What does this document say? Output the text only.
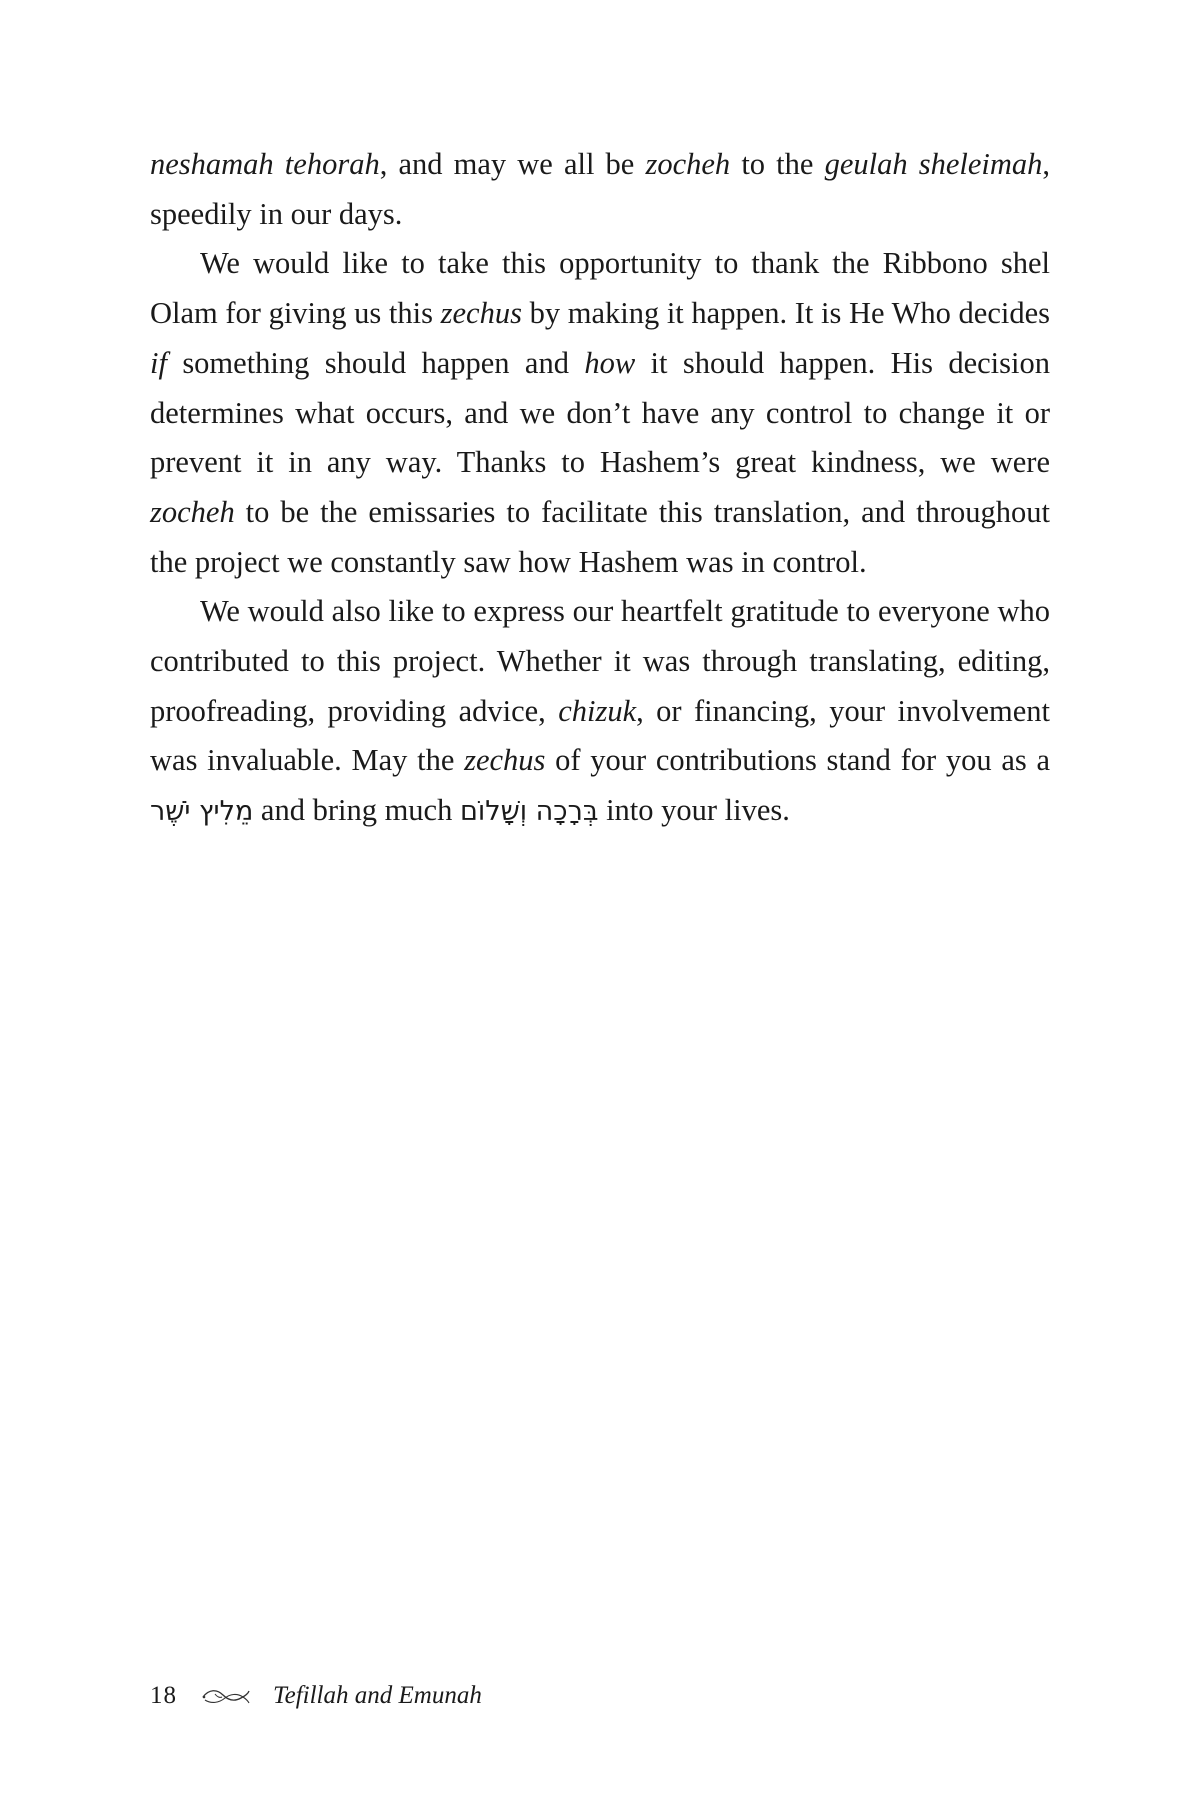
neshamah tehorah, and may we all be zocheh to the geulah sheleimah, speedily in our days.

We would like to take this opportunity to thank the Ribbono shel Olam for giving us this zechus by making it happen. It is He Who decides if something should happen and how it should happen. His decision determines what occurs, and we don’t have any control to change it or prevent it in any way. Thanks to Hashem’s great kindness, we were zocheh to be the emissaries to facilitate this translation, and throughout the project we constantly saw how Hashem was in control.

We would also like to express our heartfelt gratitude to everyone who contributed to this project. Whether it was through translating, editing, proofreading, providing advice, chizuk, or financing, your involvement was invaluable. May the zechus of your contributions stand for you as a מֵלִיץ יֹשֶׁר and bring much בְּרָכָה וְשָׁלוֹם into your lives.

18	Tefillah and Emunah
